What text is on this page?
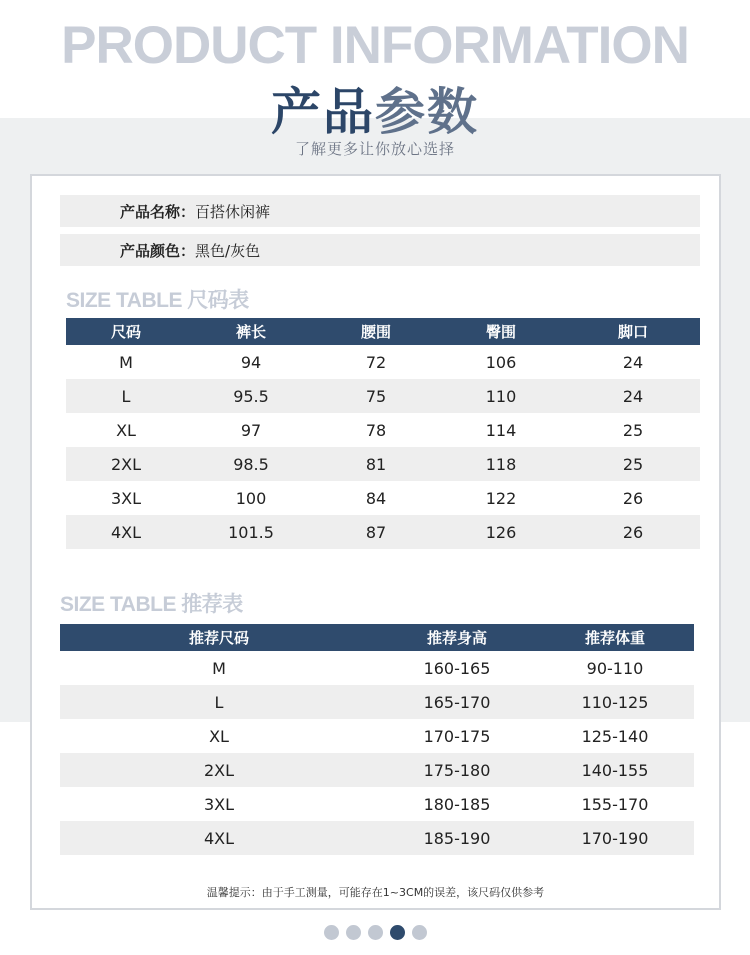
PRODUCT INFORMATION
产品参数
了解更多让你放心选择
产品名称： 百搭休闲裤
产品颜色： 黑色/灰色
SIZE TABLE 尺码表
尺码	裤长	腰围	臀围	脚口
M	94	72	106	24
L	95.5	75	110	24
XL	97	78	114	25
2XL	98.5	81	118	25
3XL	100	84	122	26
4XL	101.5	87	126	26
SIZE TABLE 推荐表
推荐尺码	推荐身高	推荐体重
M	160-165	90-110
L	165-170	110-125
XL	170-175	125-140
2XL	175-180	140-155
3XL	180-185	155-170
4XL	185-190	170-190
温馨提示：由于手工测量，可能存在1~3CM的误差，该尺码仅供参考
